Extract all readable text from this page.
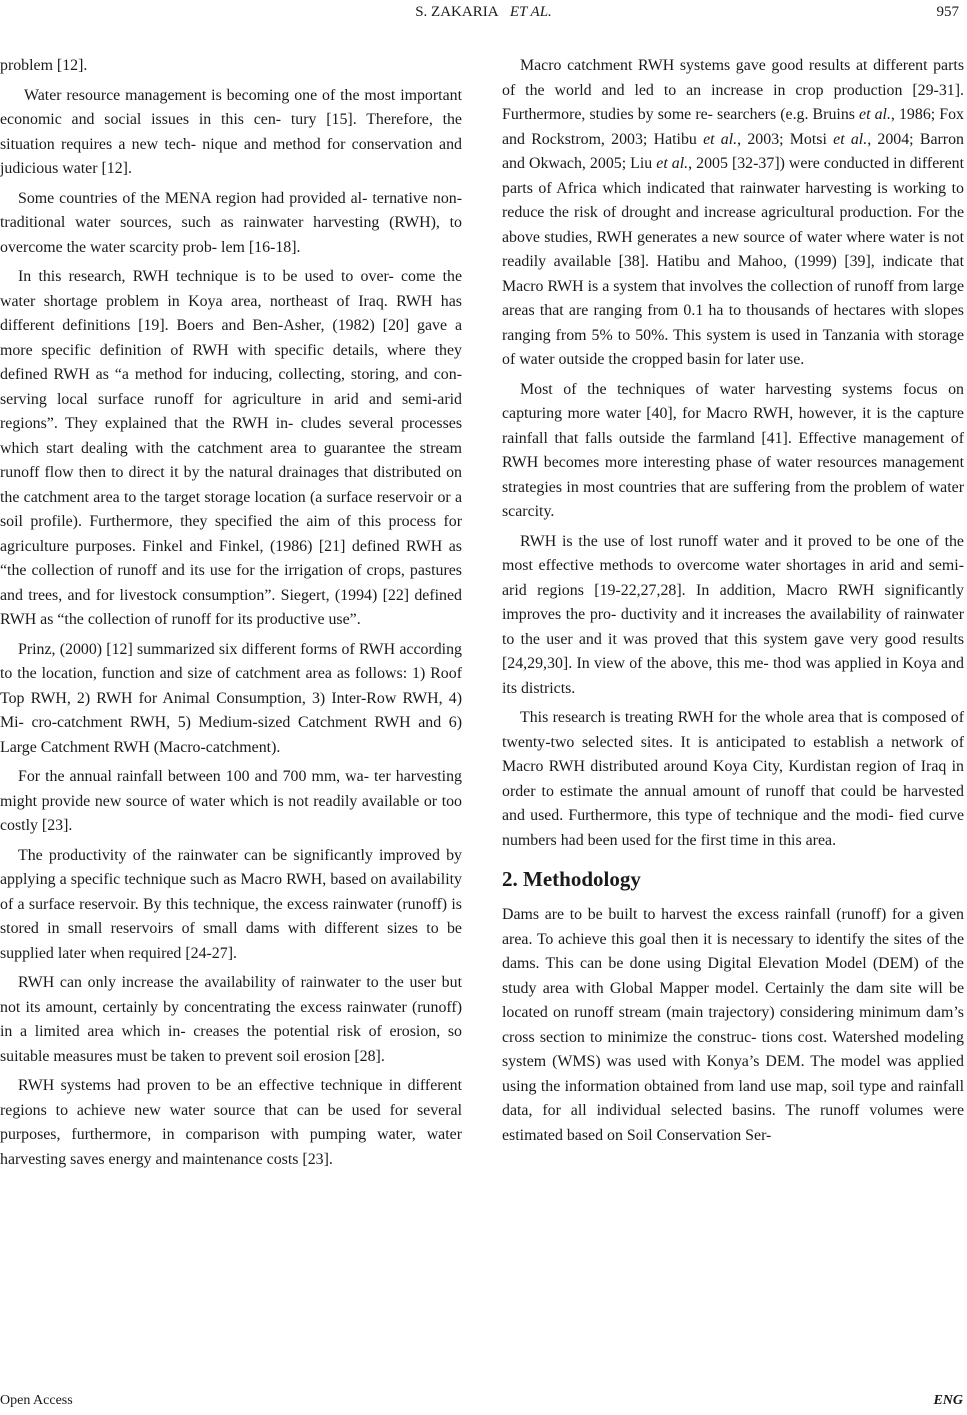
S. ZAKARIA ET AL.	957

problem [12].

Water resource management is becoming one of the most important economic and social issues in this cen- tury [15]. Therefore, the situation requires a new tech- nique and method for conservation and judicious water [12].

Some countries of the MENA region had provided al- ternative non-traditional water sources, such as rainwater harvesting (RWH), to overcome the water scarcity prob- lem [16-18].

In this research, RWH technique is to be used to over- come the water shortage problem in Koya area, northeast of Iraq. RWH has different definitions [19]. Boers and Ben-Asher, (1982) [20] gave a more specific definition of RWH with specific details, where they defined RWH as “a method for inducing, collecting, storing, and con- serving local surface runoff for agriculture in arid and semi-arid regions”. They explained that the RWH in- cludes several processes which start dealing with the catchment area to guarantee the stream runoff flow then to direct it by the natural drainages that distributed on the catchment area to the target storage location (a surface reservoir or a soil profile). Furthermore, they specified the aim of this process for agriculture purposes. Finkel and Finkel, (1986) [21] defined RWH as “the collection of runoff and its use for the irrigation of crops, pastures and trees, and for livestock consumption”. Siegert, (1994) [22] defined RWH as “the collection of runoff for its productive use”.

Prinz, (2000) [12] summarized six different forms of RWH according to the location, function and size of catchment area as follows: 1) Roof Top RWH, 2) RWH for Animal Consumption, 3) Inter-Row RWH, 4) Mi- cro-catchment RWH, 5) Medium-sized Catchment RWH and 6) Large Catchment RWH (Macro-catchment).

For the annual rainfall between 100 and 700 mm, wa- ter harvesting might provide new source of water which is not readily available or too costly [23].

The productivity of the rainwater can be significantly improved by applying a specific technique such as Macro RWH, based on availability of a surface reservoir. By this technique, the excess rainwater (runoff) is stored in small reservoirs of small dams with different sizes to be supplied later when required [24-27].

RWH can only increase the availability of rainwater to the user but not its amount, certainly by concentrating the excess rainwater (runoff) in a limited area which in- creases the potential risk of erosion, so suitable measures must be taken to prevent soil erosion [28].

RWH systems had proven to be an effective technique in different regions to achieve new water source that can be used for several purposes, furthermore, in comparison with pumping water, water harvesting saves energy and maintenance costs [23].

Macro catchment RWH systems gave good results at different parts of the world and led to an increase in crop production [29-31]. Furthermore, studies by some re- searchers (e.g. Bruins et al., 1986; Fox and Rockstrom, 2003; Hatibu et al., 2003; Motsi et al., 2004; Barron and Okwach, 2005; Liu et al., 2005 [32-37]) were conducted in different parts of Africa which indicated that rainwater harvesting is working to reduce the risk of drought and increase agricultural production. For the above studies, RWH generates a new source of water where water is not readily available [38]. Hatibu and Mahoo, (1999) [39], indicate that Macro RWH is a system that involves the collection of runoff from large areas that are ranging from 0.1 ha to thousands of hectares with slopes ranging from 5% to 50%. This system is used in Tanzania with storage of water outside the cropped basin for later use.

Most of the techniques of water harvesting systems focus on capturing more water [40], for Macro RWH, however, it is the capture rainfall that falls outside the farmland [41]. Effective management of RWH becomes more interesting phase of water resources management strategies in most countries that are suffering from the problem of water scarcity.

RWH is the use of lost runoff water and it proved to be one of the most effective methods to overcome water shortages in arid and semi-arid regions [19-22,27,28]. In addition, Macro RWH significantly improves the pro- ductivity and it increases the availability of rainwater to the user and it was proved that this system gave very good results [24,29,30]. In view of the above, this me- thod was applied in Koya and its districts.

This research is treating RWH for the whole area that is composed of twenty-two selected sites. It is anticipated to establish a network of Macro RWH distributed around Koya City, Kurdistan region of Iraq in order to estimate the annual amount of runoff that could be harvested and used. Furthermore, this type of technique and the modi- fied curve numbers had been used for the first time in this area.

2. Methodology

Dams are to be built to harvest the excess rainfall (runoff) for a given area. To achieve this goal then it is necessary to identify the sites of the dams. This can be done using Digital Elevation Model (DEM) of the study area with Global Mapper model. Certainly the dam site will be located on runoff stream (main trajectory) considering minimum dam’s cross section to minimize the construc- tions cost. Watershed modeling system (WMS) was used with Konya’s DEM. The model was applied using the information obtained from land use map, soil type and rainfall data, for all individual selected basins. The runoff volumes were estimated based on Soil Conservation Ser-

Open Access	ENG
